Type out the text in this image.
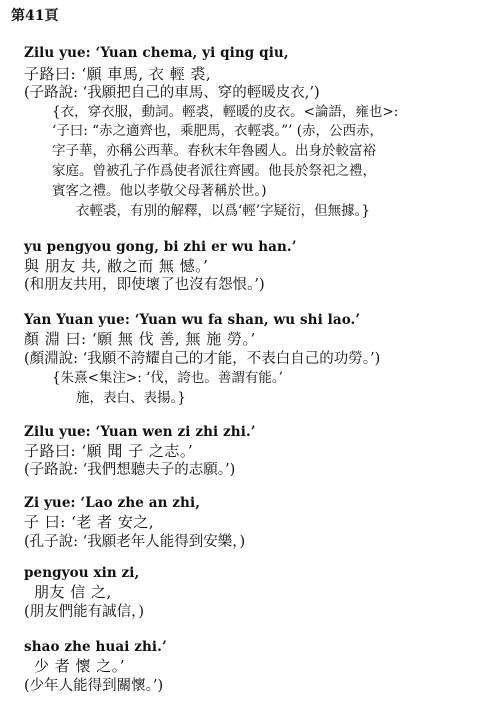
第41頁
Zilu yue: ‘Yuan chema, yi qing qiu,
子路曰: ‘願 車馬, 衣 輕 裘,
(子路說: ‘我願把自己的車馬、穿的輕暖皮衣,’)
{衣，穿衣服，動詞。輕裘，輕暖的皮衣。<論語，雍也>:
‘子曰: “赤之適齊也，乘肥馬，衣輕裘。”’ (赤，公西赤，
字子華，亦稱公西華。春秋末年魯國人。出身於較富裕
家庭。曾被孔子作爲使者派往齊國。他長於祭祀之禮，
賓客之禮。他以孝敬父母著稱於世。)
衣輕裘，有別的解釋，以爲‘輕’字疑衍，但無據。}
yu pengyou gong, bi zhi er wu han.’
與 朋友 共, 敝之而 無 憾。’
(和朋友共用，即使壞了也沒有怨恨。’)
Yan Yuan yue: ‘Yuan wu fa shan, wu shi lao.’
顏 淵 曰: ‘願 無 伐 善, 無 施 勞。’
(顏淵說: ‘我願不誇耀自己的才能，不表白自己的功勞。’)
{朱熹<集注>: ‘伐，誇也。善謂有能。’
施，表白、表揚。}
Zilu yue: ‘Yuan wen zi zhi zhi.’
子路曰: ‘願 聞 子 之志。’
(子路說: ‘我們想聽夫子的志願。’)
Zi yue: ‘Lao zhe an zhi,
子 曰: ‘老 者 安之,
(孔子說: ‘我願老年人能得到安樂，)
pengyou xin zi,
朋友 信 之,
(朋友們能有誠信，)
shao zhe huai zhi.’
少 者 懷 之。’
(少年人能得到關懷。’)
